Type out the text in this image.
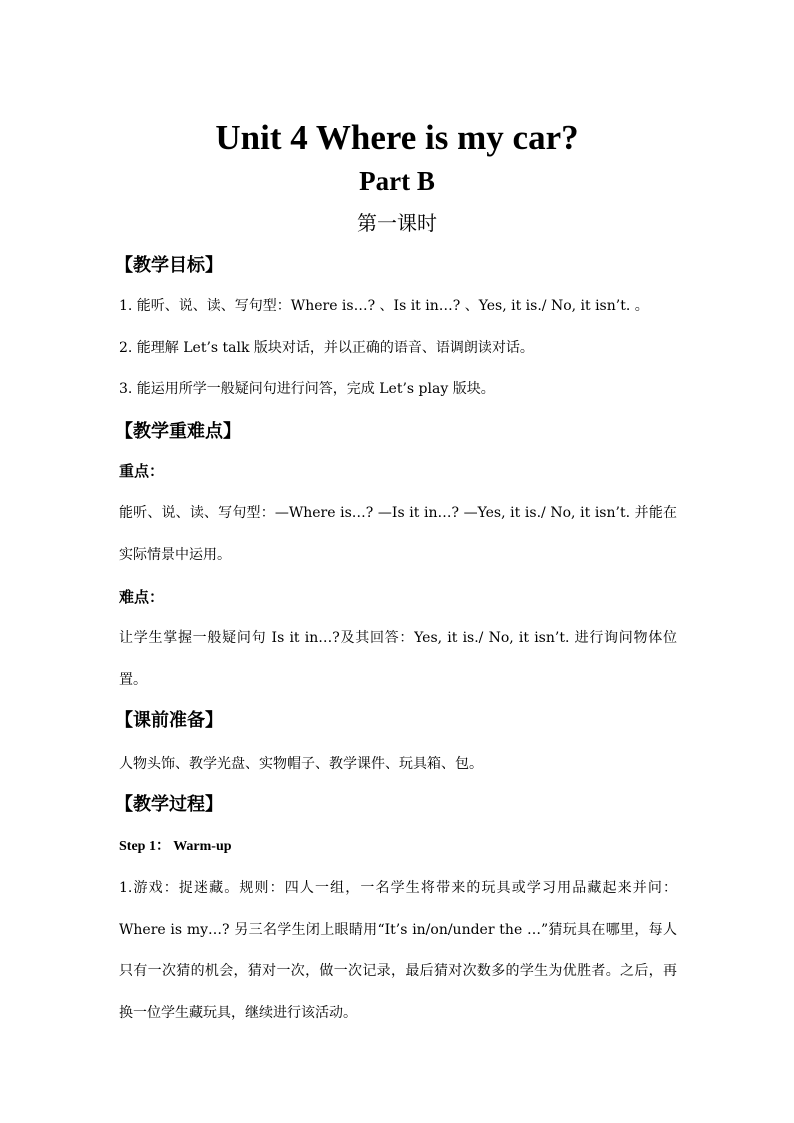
Unit 4 Where is my car?
Part B
第一课时
【教学目标】
1. 能听、说、读、写句型：Where is…? 、Is it in…? 、Yes, it is./ No, it isn’t. 。
2. 能理解 Let’s talk 版块对话，并以正确的语音、语调朗读对话。
3. 能运用所学一般疑问句进行问答，完成 Let’s play 版块。
【教学重难点】
重点：
能听、说、读、写句型：—Where is…? —Is it in…? —Yes, it is./ No, it isn’t. 并能在实际情景中运用。
难点：
让学生掌握一般疑问句 Is it in…?及其回答：Yes, it is./ No, it isn’t. 进行询问物体位置。
【课前准备】
人物头饰、教学光盘、实物帽子、教学课件、玩具箱、包。
【教学过程】
Step 1： Warm-up
1.游戏：捉迷藏。规则：四人一组，一名学生将带来的玩具或学习用品藏起来并问：Where is my…? 另三名学生闭上眼睛用“It’s in/on/under the …”猜玩具在哪里，每人只有一次猜的机会，猜对一次，做一次记录，最后猜对次数多的学生为优胜者。之后，再换一位学生藏玩具，继续进行该活动。
